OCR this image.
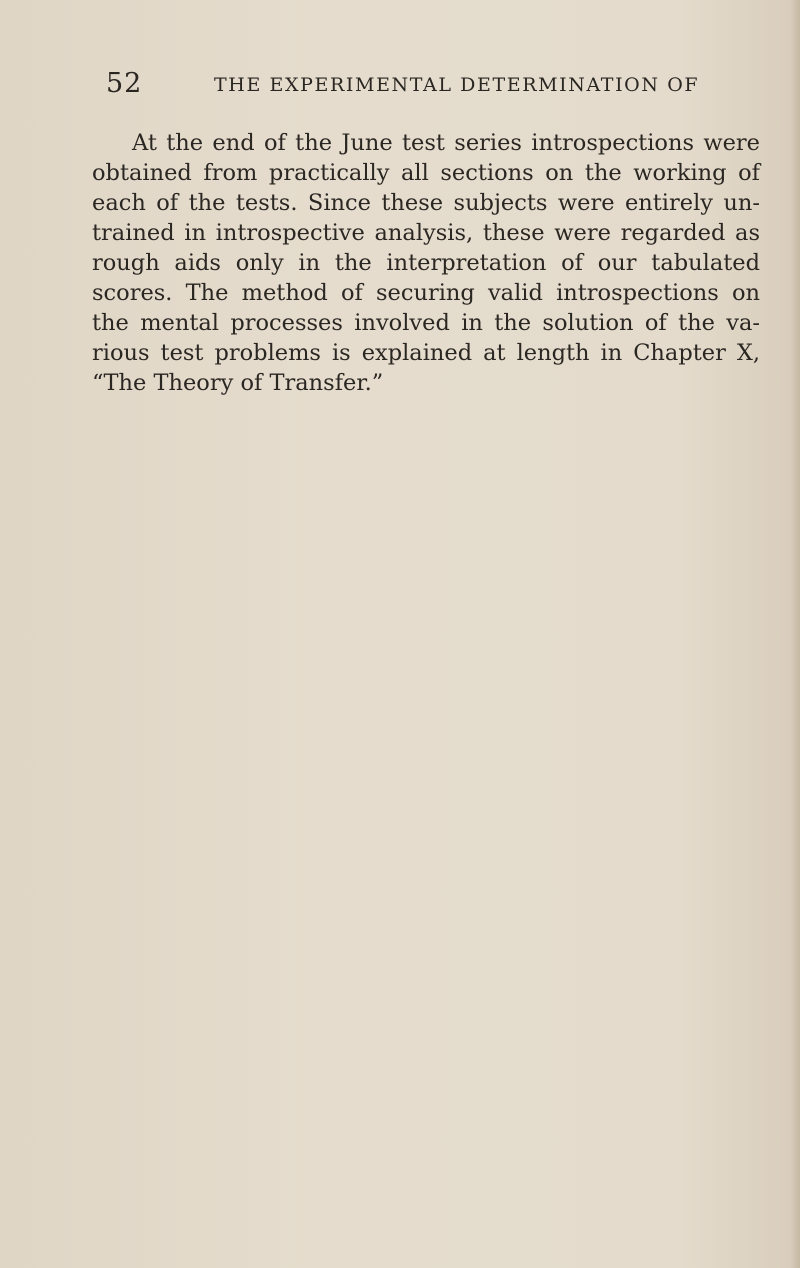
52	THE EXPERIMENTAL DETERMINATION OF
At the end of the June test series introspections were
obtained from practically all sections on the working of
each of the tests. Since these subjects were entirely un-
trained in introspective analysis, these were regarded as
rough aids only in the interpretation of our tabulated
scores. The method of securing valid introspections on
the mental processes involved in the solution of the va-
rious test problems is explained at length in Chapter X,
“The Theory of Transfer.”
